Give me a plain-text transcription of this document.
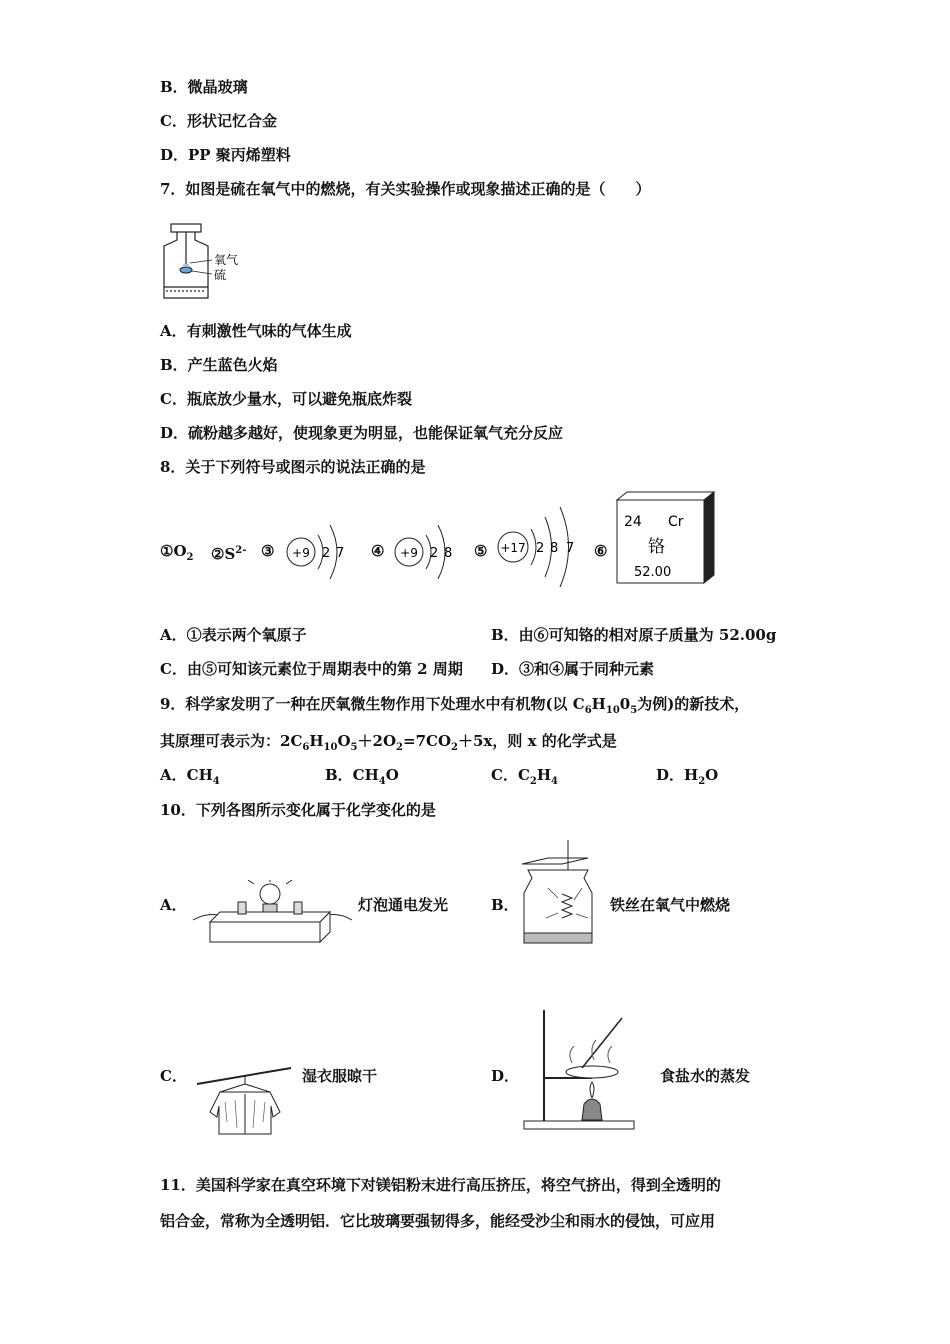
B．微晶玻璃
C．形状记忆合金
D．PP 聚丙烯塑料
7．如图是硫在氧气中的燃烧，有关实验操作或现象描述正确的是（　　）
氧气
硫
A．有刺激性气味的气体生成
B．产生蓝色火焰
C．瓶底放少量水，可以避免瓶底炸裂
D．硫粉越多越好，使现象更为明显，也能保证氧气充分反应
8．关于下列符号或图示的说法正确的是
$①O_2$ $②S^{2-}$ ③	④	⑤	⑥
+9 2 7	+9 2 8	+17 2 8 7
24 Cr
铬
52.00
A．①表示两个氧原子	B．由⑥可知铬的相对原子质量为 52.00g
C．由⑤可知该元素位于周期表中的第 2 周期 D．③和④属于同种元素
9．科学家发明了一种在厌氧微生物作用下处理水中有机物(以 $C_6H_{10}0_5$为例)的新技术，
其原理可表示为：$2C_6H_{10}O_5+2O_2=7CO_2+5x$，则 x 的化学式是
A．$CH_4$	B．$CH_4O$	C．$C_2H_4$	D．$H_2O$
10．下列各图所示变化属于化学变化的是
A．	灯泡通电发光	B．	铁丝在氧气中燃烧
C．	湿衣服晾干	D．	食盐水的蒸发
11．美国科学家在真空环境下对镁铝粉末进行高压挤压，将空气挤出，得到全透明的
铝合金，常称为全透明铝．它比玻璃要强韧得多，能经受沙尘和雨水的侵蚀，可应用
